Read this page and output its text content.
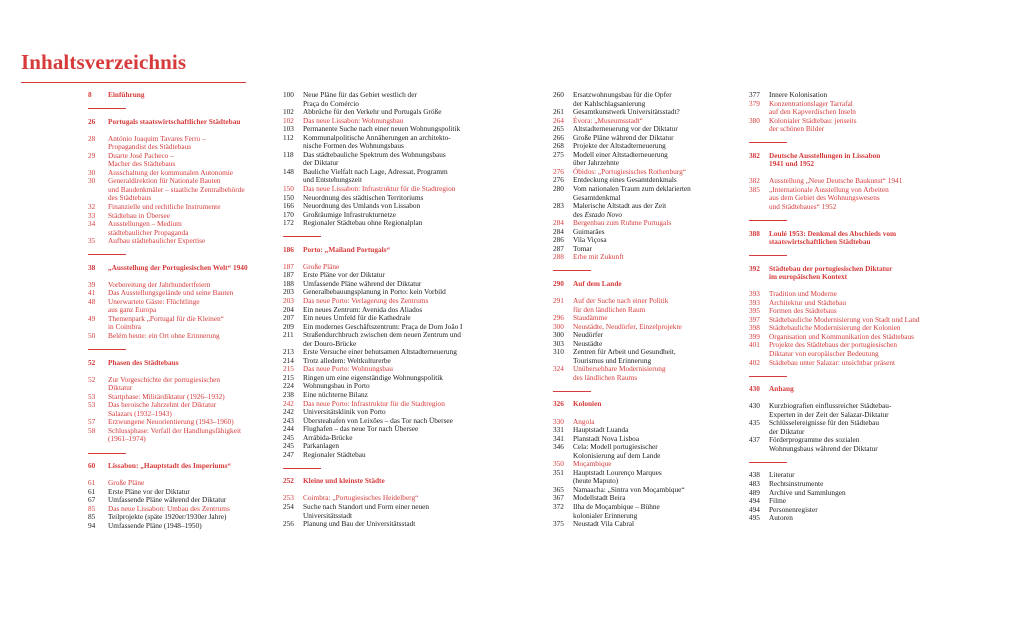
Inhaltsverzeichnis
8	Einführung
26	Portugals staatswirtschaftlicher Städtebau
28	António Joaquim Tavares Ferro –
Propagandist des Städtebaus
29	Duarte José Pacheco –
Macher des Städtebaus
30	Ausschaltung der kommunalen Autonomie
30	Generaldirektion für Nationale Bauten
und Baudenkmäler – staatliche Zentralbehörde
des Städtebaus
32	Finanzielle und rechtliche Instrumente
33	Städtebau in Übersee
34	Ausstellungen – Medium
städtebaulicher Propaganda
35	Aufbau städtebaulicher Expertise
38	„Ausstellung der Portugiesischen Welt“ 1940
39	Vorbereitung der Jahrhundertfeiern
41	Das Ausstellungsgelände und seine Bauten
48	Unerwartete Gäste: Flüchtlinge
aus ganz Europa
49	Themenpark „Portugal für die Kleinen“
in Coimbra
50	Belém heute: ein Ort ohne Erinnerung
52	Phasen des Städtebaus
52	Zur Vorgeschichte der portugiesischen
Diktatur
53	Startphase: Militärdiktatur (1926–1932)
53	Das heroische Jahrzehnt der Diktatur
Salazars (1932–1943)
57	Erzwungene Neuorientierung (1943–1960)
58	Schlussphase: Verfall der Handlungsfähigkeit
(1961–1974)
60	Lissabon: „Hauptstadt des Imperiums“
61	Große Pläne
61	Erste Pläne vor der Diktatur
67	Umfassende Pläne während der Diktatur
85	Das neue Lissabon: Umbau des Zentrums
85	Teilprojekte (späte 1920er/1930er Jahre)
94	Umfassende Pläne (1948–1950)
100	Neue Pläne für das Gebiet westlich der
Praça do Comércio
102	Abbrüche für den Verkehr und Portugals Größe
102	Das neue Lissabon: Wohnungsbau
103	Permanente Suche nach einer neuen Wohnungspolitik
112	Kommunalpolitische Annäherungen an architekto-
nische Formen des Wohnungsbaus
118	Das städtebauliche Spektrum des Wohnungsbaus
der Diktatur
148	Bauliche Vielfalt nach Lage, Adressat, Programm
und Entstehungszeit
150	Das neue Lissabon: Infrastruktur für die Stadtregion
150	Neuordnung des städtischen Territoriums
166	Neuordnung des Umlands von Lissabon
170	Großräumige Infrastrukturnetze
172	Regionaler Städtebau ohne Regionalplan
186	Porto: „Mailand Portugals“
187	Große Pläne
187	Erste Pläne vor der Diktatur
188	Umfassende Pläne während der Diktatur
203	Generalbebauungsplanung in Porto: kein Vorbild
203	Das neue Porto: Verlagerung des Zentrums
204	Ein neues Zentrum: Avenida dos Aliados
207	Ein neues Umfeld für die Kathedrale
209	Ein modernes Geschäftszentrum: Praça de Dom João I
211	Straßendurchbruch zwischen dem neuen Zentrum und
der Douro-Brücke
213	Erste Versuche einer behutsamen Altstadterneuerung
214	Trotz alledem: Weltkulturerbe
215	Das neue Porto: Wohnungsbau
215	Ringen um eine eigenständige Wohnungspolitik
224	Wohnungsbau in Porto
238	Eine nüchterne Bilanz
242	Das neue Porto: Infrastruktur für die Stadtregion
242	Universitätsklinik von Porto
243	Übersteahafen von Leixões – das Tor nach Übersee
244	Flughafen – das neue Tor nach Übersee
245	Arrábida-Brücke
245	Parkanlagen
247	Regionaler Städtebau
252	Kleine und kleinste Städte
253	Coimbra: „Portugiesisches Heidelberg“
254	Suche nach Standort und Form einer neuen
Universitätsstadt
256	Planung und Bau der Universitätsstadt
260	Ersatzwohnungsbau für die Opfer
der Kahlschlagsanierung
261	Gesamtkunstwerk Universitätsstadt?
264	Évora: „Museumsstadt“
265	Altstadterneuerung vor der Diktatur
266	Große Pläne während der Diktatur
268	Projekte der Altstadterneuerung
275	Modell einer Altstadterneuerung
über Jahrzehnte
276	Óbidos: „Portugiesisches Rothenburg“
276	Entdeckung eines Gesamtdenkmals
280	Vom nationalen Traum zum deklarierten
Gesamtdenkmal
283	Malerische Altstadt aus der Zeit
des Estado Novo
284	Bergenbau zum Ruhme Portugals
284	Guimarães
286	Vila Viçosa
287	Tomar
288	Erbe mit Zukunft
290	Auf dem Lande
291	Auf der Suche nach einer Politik
für den ländlichen Raum
296	Staudämme
300	Neustädte, Neudörfer, Einzelprojekte
300	Neudörfer
303	Neustädte
310	Zentren für Arbeit und Gesundheit,
Tourismus und Erinnerung
324	Unübersehbare Modernisierung
des ländlichen Raums
326	Kolonien
330	Angola
331	Hauptstadt Luanda
341	Planstadt Nova Lisboa
346	Cela: Modell portugiesischer
Kolonisierung auf dem Lande
350	Moçambique
351	Hauptstadt Lourenço Marques
(heute Maputo)
365	Namaacha: „Sintra von Moçambique“
367	Modellstadt Beira
372	Ilha de Moçambique – Bühne
kolonialer Erinnerung
375	Neustadt Vila Cabral
377	Innere Kolonisation
379	Konzentrationslager Tarrafal
auf den Kapverdischen Inseln
380	Kolonialer Städtebau: jenseits
der schönen Bilder
382	Deutsche Ausstellungen in Lissabon
1941 und 1952
382	Ausstellung „Neue Deutsche Baukunst“ 1941
385	„Internationale Ausstellung von Arbeiten
aus dem Gebiet des Wohnungswesens
und Städtebaues“ 1952
388	Loulé 1953: Denkmal des Abschieds vom
staatswirtschaftlichen Städtebau
392	Städtebau der portugiesischen Diktatur
im europäischen Kontext
393	Tradition und Moderne
393	Architektur und Städtebau
395	Formen des Städtebaus
397	Städtebauliche Modernisierung von Stadt und Land
398	Städtebauliche Modernisierung der Kolonien
399	Organisation und Kommunikation des Städtebaus
401	Projekte des Städtebaus der portugiesischen
Diktatur von europäischer Bedeutung
402	Städtebau unter Salazar: unsichtbar präsent
430	Anhang
430	Kurzbiografien einflussreicher Städtebau-
Experten in der Zeit der Salazar-Diktatur
435	Schlüsselereignisse für den Städtebau
der Diktatur
437	Förderprogramme des sozialen
Wohnungsbaus während der Diktatur
438	Literatur
483	Rechtsinstrumente
489	Archive und Sammlungen
494	Filme
494	Personenregister
495	Autoren
